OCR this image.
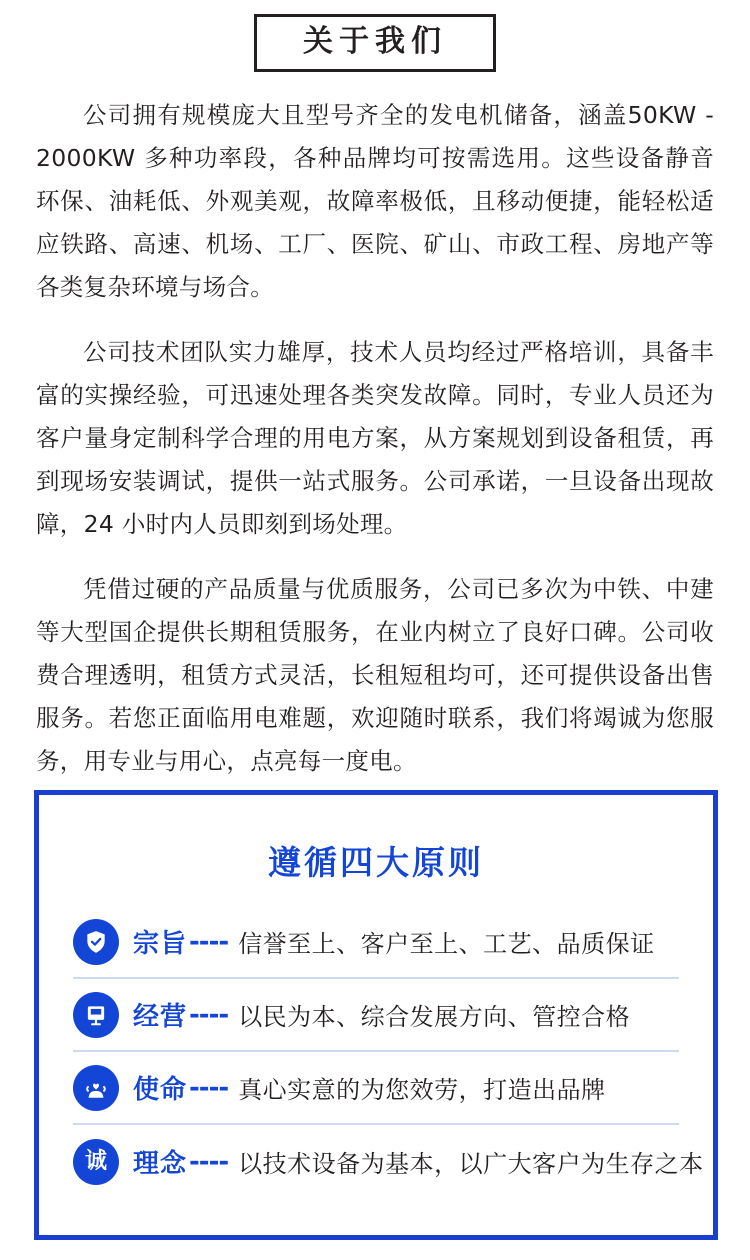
关于我们

公司拥有规模庞大且型号齐全的发电机储备，涵盖50KW - 2000KW 多种功率段，各种品牌均可按需选用。这些设备静音环保、油耗低、外观美观，故障率极低，且移动便捷，能轻松适应铁路、高速、机场、工厂、医院、矿山、市政工程、房地产等各类复杂环境与场合。

公司技术团队实力雄厚，技术人员均经过严格培训，具备丰富的实操经验，可迅速处理各类突发故障。同时，专业人员还为客户量身定制科学合理的用电方案，从方案规划到设备租赁，再到现场安装调试，提供一站式服务。公司承诺，一旦设备出现故障，24 小时内人员即刻到场处理。

凭借过硬的产品质量与优质服务，公司已多次为中铁、中建等大型国企提供长期租赁服务，在业内树立了良好口碑。公司收费合理透明，租赁方式灵活，长租短租均可，还可提供设备出售服务。若您正面临用电难题，欢迎随时联系，我们将竭诚为您服务，用专业与用心，点亮每一度电。

遵循四大原则
宗旨 ---- 信誉至上、客户至上、工艺、品质保证
经营 ---- 以民为本、综合发展方向、管控合格
使命 ---- 真心实意的为您效劳，打造出品牌
诚 理念 ---- 以技术设备为基本，以广大客户为生存之本
